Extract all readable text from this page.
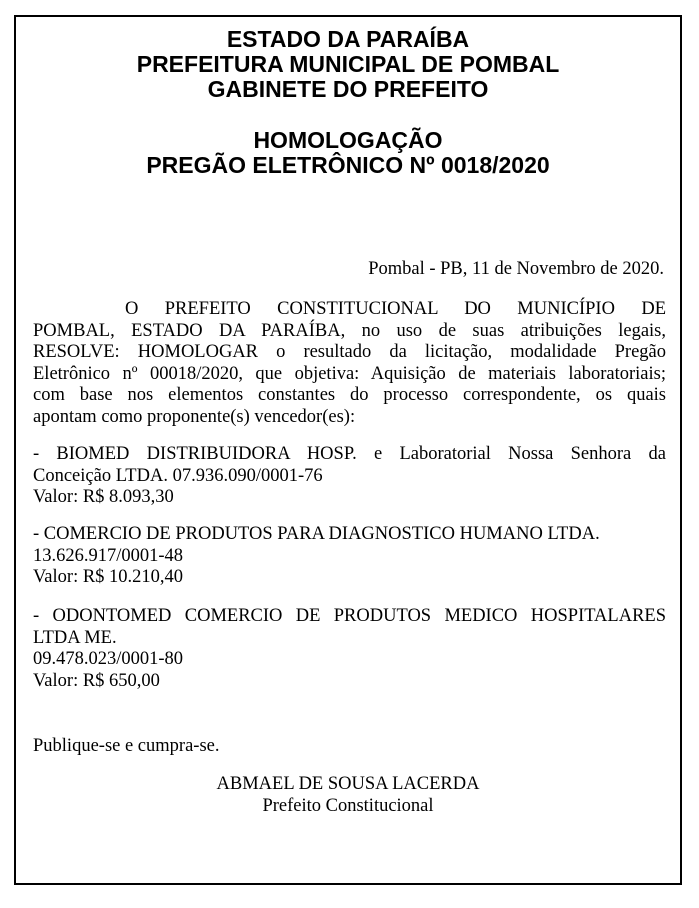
ESTADO DA PARAÍBA
PREFEITURA MUNICIPAL DE POMBAL
GABINETE DO PREFEITO
HOMOLOGAÇÃO
PREGÃO ELETRÔNICO Nº 0018/2020
Pombal - PB, 11 de Novembro de 2020.
O PREFEITO CONSTITUCIONAL DO MUNICÍPIO DE
POMBAL, ESTADO DA PARAÍBA, no uso de suas atribuições legais,
RESOLVE: HOMOLOGAR o resultado da licitação, modalidade Pregão
Eletrônico nº 00018/2020, que objetiva: Aquisição de materiais laboratoriais;
com base nos elementos constantes do processo correspondente, os quais
apontam como proponente(s) vencedor(es):
- BIOMED DISTRIBUIDORA HOSP. e Laboratorial Nossa Senhora da
Conceição LTDA. 07.936.090/0001-76
Valor: R$ 8.093,30
- COMERCIO DE PRODUTOS PARA DIAGNOSTICO HUMANO LTDA.
13.626.917/0001-48
Valor: R$ 10.210,40
- ODONTOMED COMERCIO DE PRODUTOS MEDICO HOSPITALARES
LTDA ME.
09.478.023/0001-80
Valor: R$ 650,00
Publique-se e cumpra-se.
ABMAEL DE SOUSA LACERDA
Prefeito Constitucional
